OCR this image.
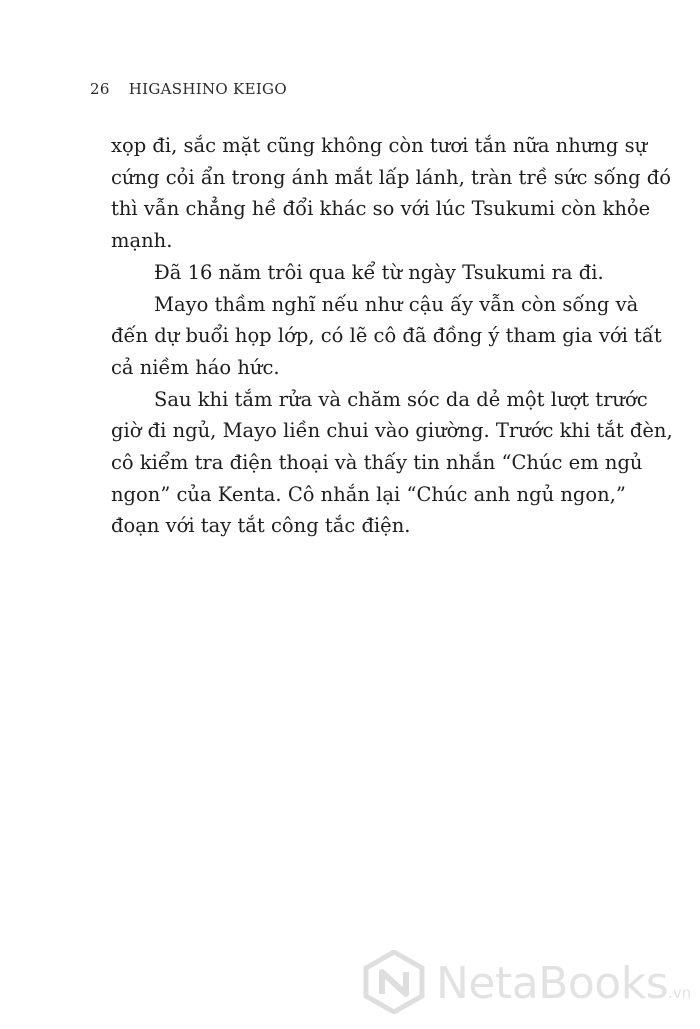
26 HIGASHINO KEIGO
xọp đi, sắc mặt cũng không còn tươi tắn nữa nhưng sự
cứng cỏi ẩn trong ánh mắt lấp lánh, tràn trề sức sống đó
thì vẫn chẳng hề đổi khác so với lúc Tsukumi còn khỏe
mạnh.
Đã 16 năm trôi qua kể từ ngày Tsukumi ra đi.
Mayo thầm nghĩ nếu như cậu ấy vẫn còn sống và
đến dự buổi họp lớp, có lẽ cô đã đồng ý tham gia với tất
cả niềm háo hức.
Sau khi tắm rửa và chăm sóc da dẻ một lượt trước
giờ đi ngủ, Mayo liền chui vào giường. Trước khi tắt đèn,
cô kiểm tra điện thoại và thấy tin nhắn “Chúc em ngủ
ngon” của Kenta. Cô nhắn lại “Chúc anh ngủ ngon,”
đoạn với tay tắt công tắc điện.
NetaBooks.vn
